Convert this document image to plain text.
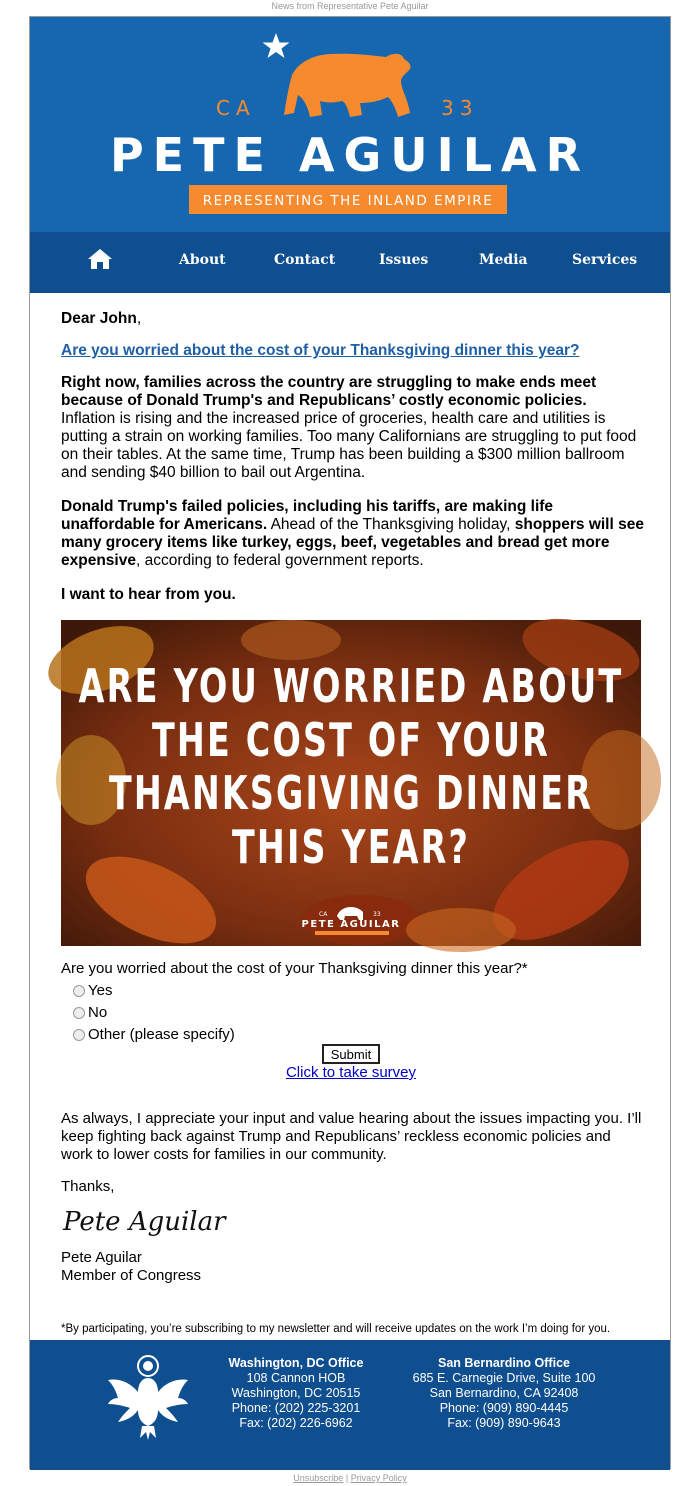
News from Representative Pete Aguilar
CA	33
PETE AGUILAR
REPRESENTING THE INLAND EMPIRE
About	Contact	Issues	Media	Services
Dear John,
Are you worried about the cost of your Thanksgiving dinner this year?

Right now, families across the country are struggling to make ends meet because of Donald Trump's and Republicans’ costly economic policies. Inflation is rising and the increased price of groceries, health care and utilities is putting a strain on working families. Too many Californians are struggling to put food on their tables. At the same time, Trump has been building a $300 million ballroom and sending $40 billion to bail out Argentina.

Donald Trump's failed policies, including his tariffs, are making life unaffordable for Americans. Ahead of the Thanksgiving holiday, shoppers will see many grocery items like turkey, eggs, beef, vegetables and bread get more expensive, according to federal government reports.

I want to hear from you.

ARE YOU WORRIED ABOUT
THE COST OF YOUR
THANKSGIVING DINNER
THIS YEAR?
CA	33
PETE AGUILAR
Are you worried about the cost of your Thanksgiving dinner this year?*
Yes
No
Other (please specify)
Submit
Click to take survey

As always, I appreciate your input and value hearing about the issues impacting you. I’ll keep fighting back against Trump and Republicans’ reckless economic policies and work to lower costs for families in our community.

Thanks,
Pete Aguilar
Pete Aguilar
Member of Congress
*By participating, you’re subscribing to my newsletter and will receive updates on the work I’m doing for you.
Washington, DC Office
108 Cannon HOB
Washington, DC 20515
Phone: (202) 225-3201
Fax: (202) 226-6962
San Bernardino Office
685 E. Carnegie Drive, Suite 100
San Bernardino, CA 92408
Phone: (909) 890-4445
Fax: (909) 890-9643
Unsubscribe | Privacy Policy
